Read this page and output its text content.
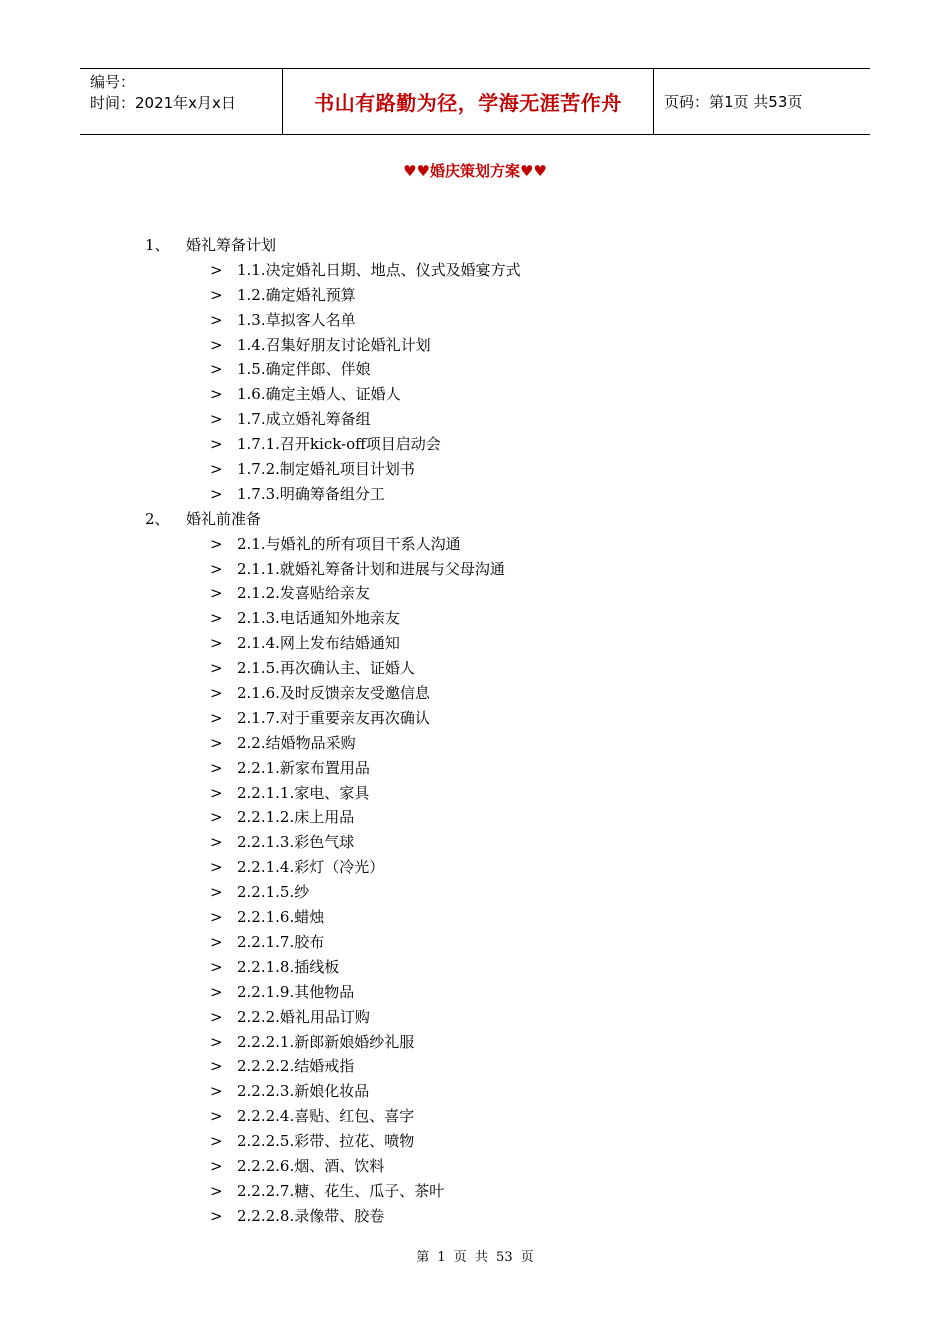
编号：
时间：2021年x月x日	书山有路勤为径，学海无涯苦作舟	页码：第1页 共53页
♥♥婚庆策划方案♥♥
1、 婚礼筹备计划
> 1.1.决定婚礼日期、地点、仪式及婚宴方式
> 1.2.确定婚礼预算
> 1.3.草拟客人名单
> 1.4.召集好朋友讨论婚礼计划
> 1.5.确定伴郎、伴娘
> 1.6.确定主婚人、证婚人
> 1.7.成立婚礼筹备组
> 1.7.1.召开kick-off项目启动会
> 1.7.2.制定婚礼项目计划书
> 1.7.3.明确筹备组分工
2、 婚礼前准备
> 2.1.与婚礼的所有项目干系人沟通
> 2.1.1.就婚礼筹备计划和进展与父母沟通
> 2.1.2.发喜贴给亲友
> 2.1.3.电话通知外地亲友
> 2.1.4.网上发布结婚通知
> 2.1.5.再次确认主、证婚人
> 2.1.6.及时反馈亲友受邀信息
> 2.1.7.对于重要亲友再次确认
> 2.2.结婚物品采购
> 2.2.1.新家布置用品
> 2.2.1.1.家电、家具
> 2.2.1.2.床上用品
> 2.2.1.3.彩色气球
> 2.2.1.4.彩灯（冷光）
> 2.2.1.5.纱
> 2.2.1.6.蜡烛
> 2.2.1.7.胶布
> 2.2.1.8.插线板
> 2.2.1.9.其他物品
> 2.2.2.婚礼用品订购
> 2.2.2.1.新郎新娘婚纱礼服
> 2.2.2.2.结婚戒指
> 2.2.2.3.新娘化妆品
> 2.2.2.4.喜贴、红包、喜字
> 2.2.2.5.彩带、拉花、喷物
> 2.2.2.6.烟、酒、饮料
> 2.2.2.7.糖、花生、瓜子、茶叶
> 2.2.2.8.录像带、胶卷
第 1 页 共 53 页
